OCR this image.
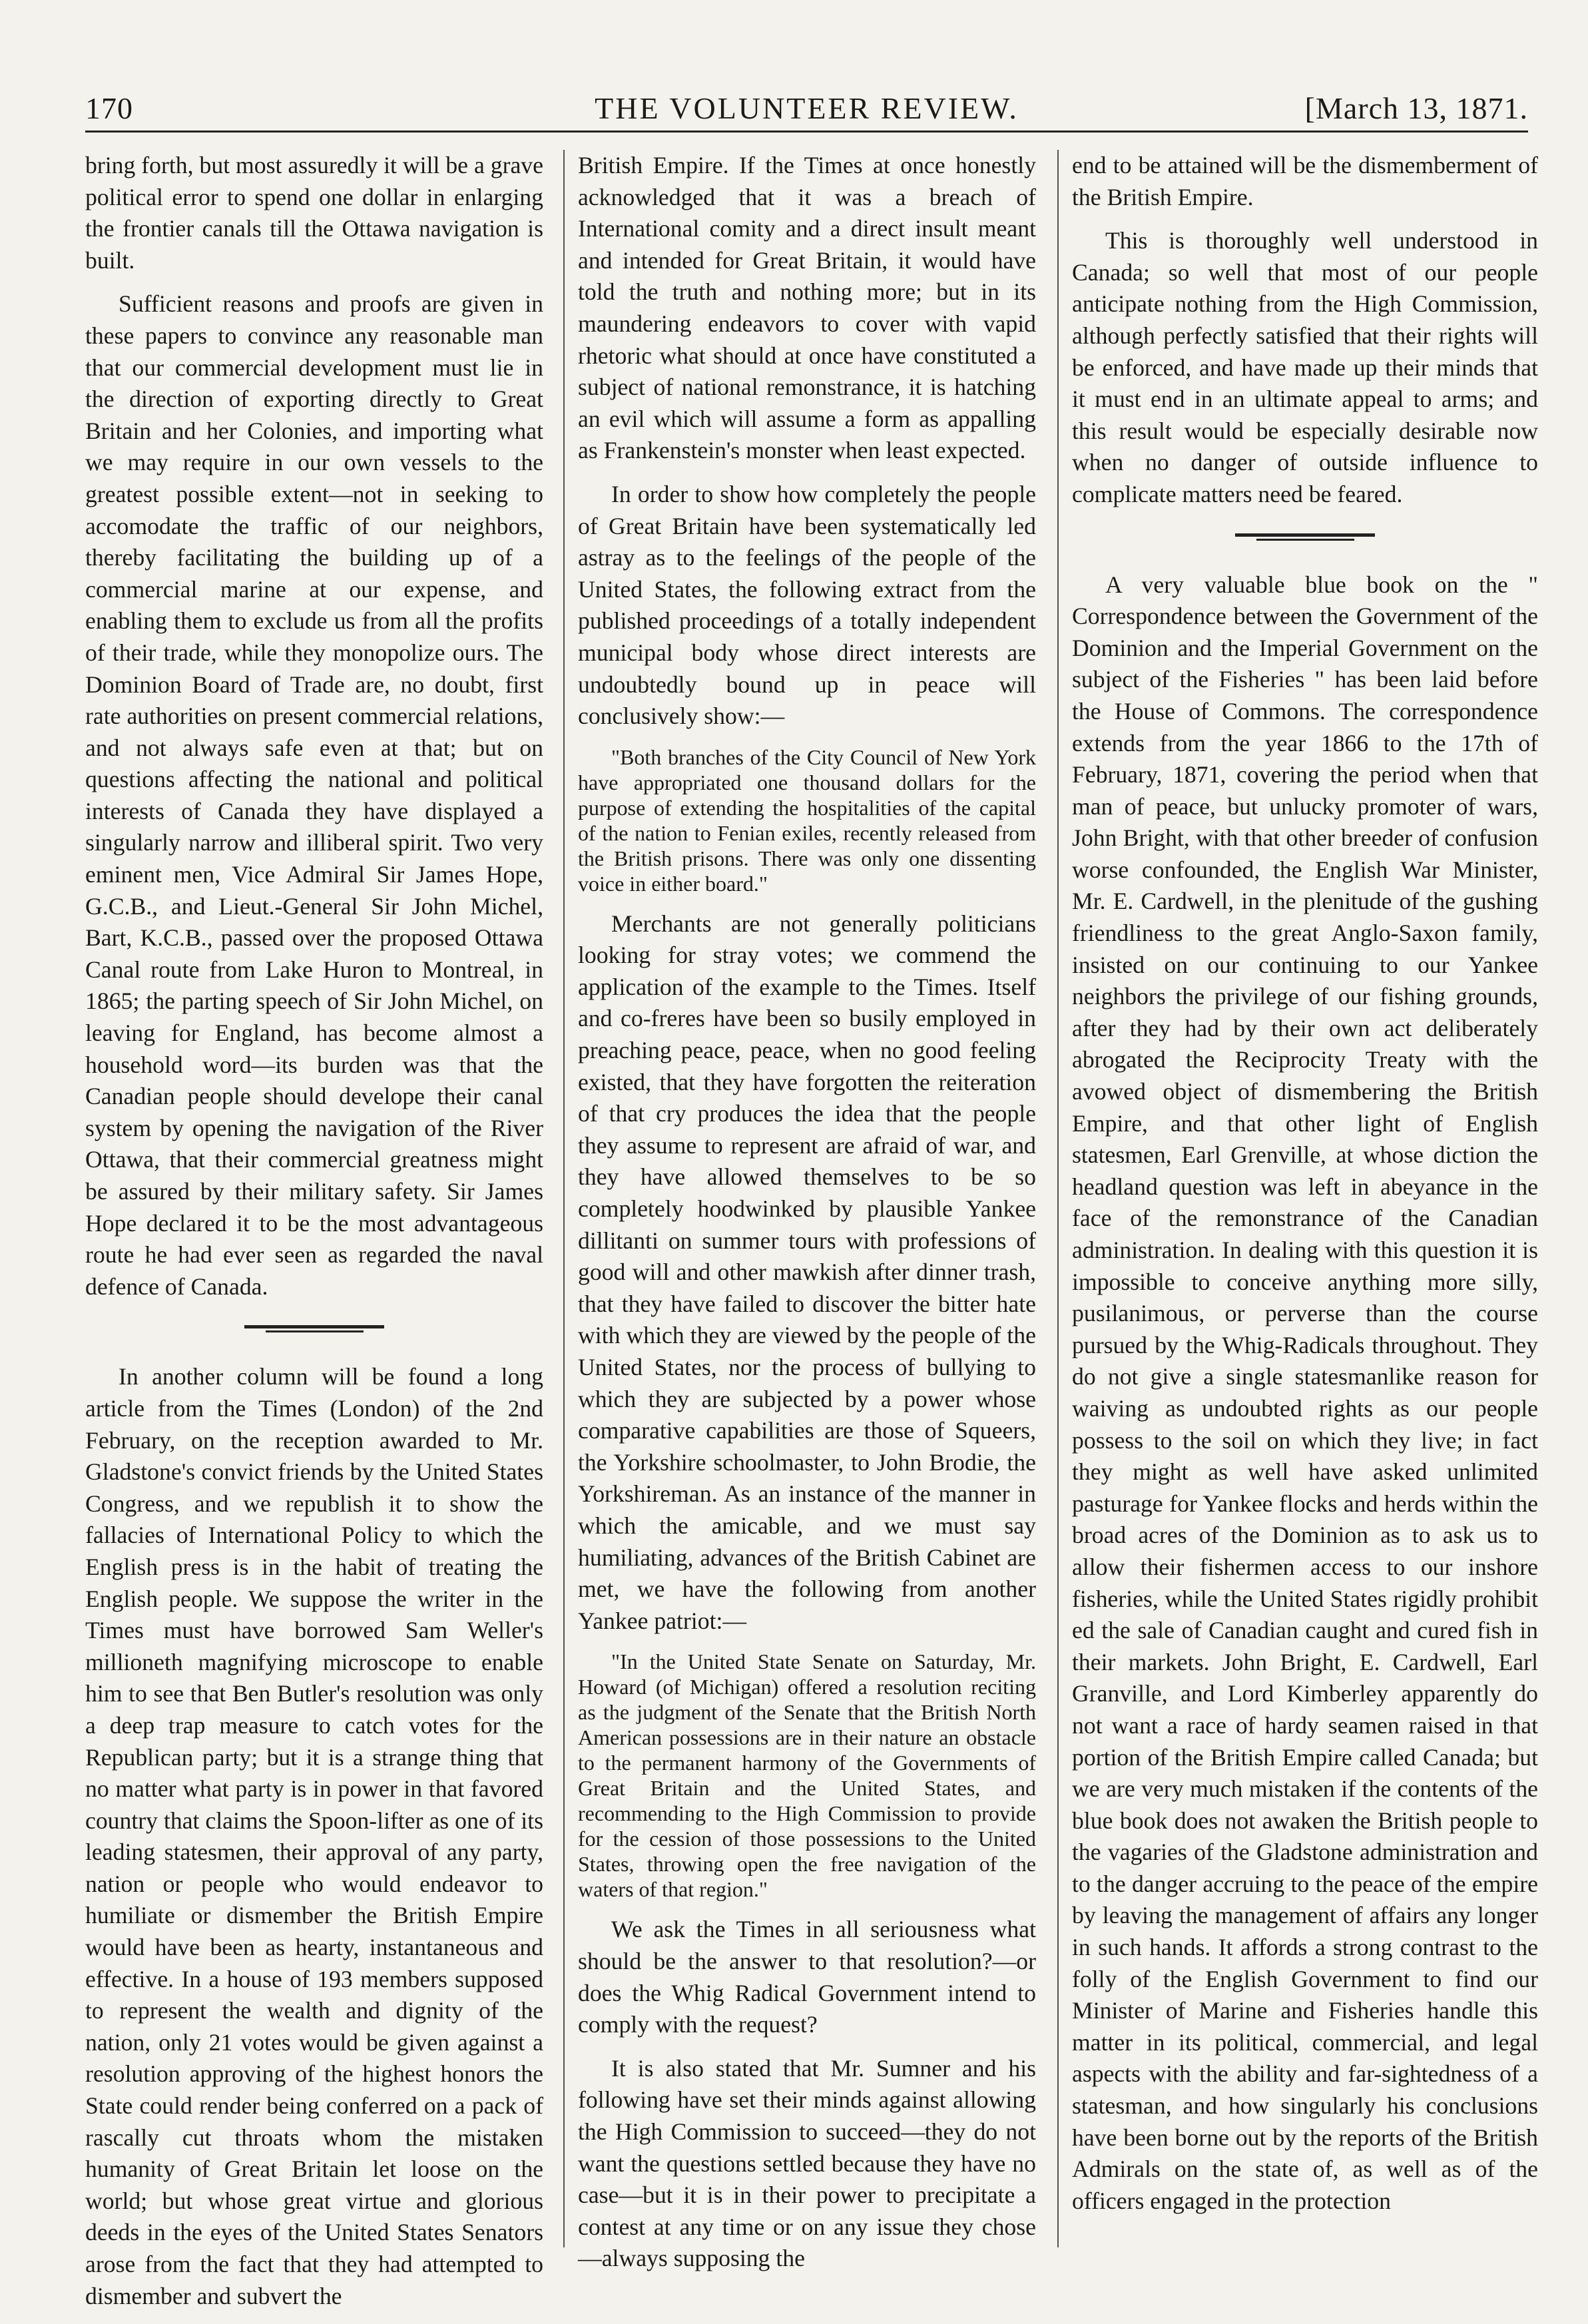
170	THE VOLUNTEER REVIEW.	[March 13, 1871.

bring forth, but most assuredly it will be a grave political error to spend one dollar in enlarging the frontier canals till the Ottawa navigation is built.

Sufficient reasons and proofs are given in these papers to convince any reasonable man that our commercial development must lie in the direction of exporting directly to Great Britain and her Colonies, and importing what we may require in our own vessels to the greatest possible extent—not in seeking to accomodate the traffic of our neighbors, thereby facilitating the building up of a commercial marine at our expense, and enabling them to exclude us from all the profits of their trade, while they monopolize ours. The Dominion Board of Trade are, no doubt, first rate authorities on present commercial relations, and not always safe even at that; but on questions affecting the national and political interests of Canada they have displayed a singularly narrow and illiberal spirit. Two very eminent men, Vice Admiral Sir James Hope, G.C.B., and Lieut.-General Sir John Michel, Bart, K.C.B., passed over the proposed Ottawa Canal route from Lake Huron to Montreal, in 1865; the parting speech of Sir John Michel, on leaving for England, has become almost a household word—its burden was that the Canadian people should develope their canal system by opening the navigation of the River Ottawa, that their commercial greatness might be assured by their military safety. Sir James Hope declared it to be the most advantageous route he had ever seen as regarded the naval defence of Canada.

In another column will be found a long article from the Times (London) of the 2nd February, on the reception awarded to Mr. Gladstone's convict friends by the United States Congress, and we republish it to show the fallacies of International Policy to which the English press is in the habit of treating the English people. We suppose the writer in the Times must have borrowed Sam Weller's millioneth magnifying microscope to enable him to see that Ben Butler's resolution was only a deep trap measure to catch votes for the Republican party; but it is a strange thing that no matter what party is in power in that favored country that claims the Spoon-lifter as one of its leading statesmen, their approval of any party, nation or people who would endeavor to humiliate or dismember the British Empire would have been as hearty, instantaneous and effective. In a house of 193 members supposed to represent the wealth and dignity of the nation, only 21 votes would be given against a resolution approving of the highest honors the State could render being conferred on a pack of rascally cut throats whom the mistaken humanity of Great Britain let loose on the world; but whose great virtue and glorious deeds in the eyes of the United States Senators arose from the fact that they had attempted to dismember and subvert the

British Empire. If the Times at once honestly acknowledged that it was a breach of International comity and a direct insult meant and intended for Great Britain, it would have told the truth and nothing more; but in its maundering endeavors to cover with vapid rhetoric what should at once have constituted a subject of national remonstrance, it is hatching an evil which will assume a form as appalling as Frankenstein's monster when least expected.

In order to show how completely the people of Great Britain have been systematically led astray as to the feelings of the people of the United States, the following extract from the published proceedings of a totally independent municipal body whose direct interests are undoubtedly bound up in peace will conclusively show:—

"Both branches of the City Council of New York have appropriated one thousand dollars for the purpose of extending the hospitalities of the capital of the nation to Fenian exiles, recently released from the British prisons. There was only one dissenting voice in either board."

Merchants are not generally politicians looking for stray votes; we commend the application of the example to the Times. Itself and co-freres have been so busily employed in preaching peace, peace, when no good feeling existed, that they have forgotten the reiteration of that cry produces the idea that the people they assume to represent are afraid of war, and they have allowed themselves to be so completely hoodwinked by plausible Yankee dillitanti on summer tours with professions of good will and other mawkish after dinner trash, that they have failed to discover the bitter hate with which they are viewed by the people of the United States, nor the process of bullying to which they are subjected by a power whose comparative capabilities are those of Squeers, the Yorkshire schoolmaster, to John Brodie, the Yorkshireman. As an instance of the manner in which the amicable, and we must say humiliating, advances of the British Cabinet are met, we have the following from another Yankee patriot:—

"In the United State Senate on Saturday, Mr. Howard (of Michigan) offered a resolution reciting as the judgment of the Senate that the British North American possessions are in their nature an obstacle to the permanent harmony of the Governments of Great Britain and the United States, and recommending to the High Commission to provide for the cession of those possessions to the United States, throwing open the free navigation of the waters of that region."

We ask the Times in all seriousness what should be the answer to that resolution?—or does the Whig Radical Government intend to comply with the request?

It is also stated that Mr. Sumner and his following have set their minds against allowing the High Commission to succeed—they do not want the questions settled because they have no case—but it is in their power to precipitate a contest at any time or on any issue they chose—always supposing the

end to be attained will be the dismemberment of the British Empire.

This is thoroughly well understood in Canada; so well that most of our people anticipate nothing from the High Commission, although perfectly satisfied that their rights will be enforced, and have made up their minds that it must end in an ultimate appeal to arms; and this result would be especially desirable now when no danger of outside influence to complicate matters need be feared.

A very valuable blue book on the " Correspondence between the Government of the Dominion and the Imperial Government on the subject of the Fisheries " has been laid before the House of Commons. The correspondence extends from the year 1866 to the 17th of February, 1871, covering the period when that man of peace, but unlucky promoter of wars, John Bright, with that other breeder of confusion worse confounded, the English War Minister, Mr. E. Cardwell, in the plenitude of the gushing friendliness to the great Anglo-Saxon family, insisted on our continuing to our Yankee neighbors the privilege of our fishing grounds, after they had by their own act deliberately abrogated the Reciprocity Treaty with the avowed object of dismembering the British Empire, and that other light of English statesmen, Earl Grenville, at whose diction the headland question was left in abeyance in the face of the remonstrance of the Canadian administration. In dealing with this question it is impossible to conceive anything more silly, pusilanimous, or perverse than the course pursued by the Whig-Radicals throughout. They do not give a single statesmanlike reason for waiving as undoubted rights as our people possess to the soil on which they live; in fact they might as well have asked unlimited pasturage for Yankee flocks and herds within the broad acres of the Dominion as to ask us to allow their fishermen access to our inshore fisheries, while the United States rigidly prohibit ed the sale of Canadian caught and cured fish in their markets. John Bright, E. Cardwell, Earl Granville, and Lord Kimberley apparently do not want a race of hardy seamen raised in that portion of the British Empire called Canada; but we are very much mistaken if the contents of the blue book does not awaken the British people to the vagaries of the Gladstone administration and to the danger accruing to the peace of the empire by leaving the management of affairs any longer in such hands. It affords a strong contrast to the folly of the English Government to find our Minister of Marine and Fisheries handle this matter in its political, commercial, and legal aspects with the ability and far-sightedness of a statesman, and how singularly his conclusions have been borne out by the reports of the British Admirals on the state of, as well as of the officers engaged in the protection
